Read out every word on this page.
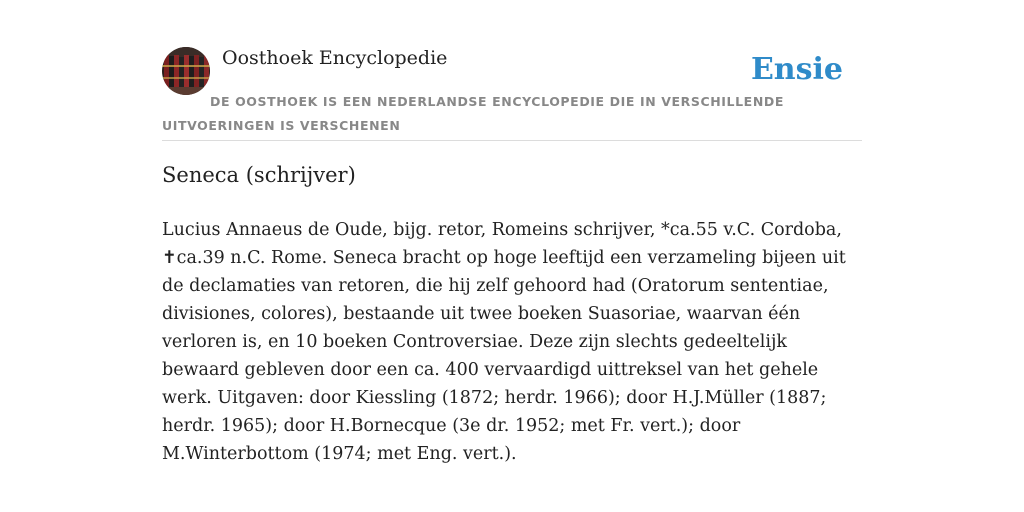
Oosthoek Encyclopedie	Ensie
DE OOSTHOEK IS EEN NEDERLANDSE ENCYCLOPEDIE DIE IN VERSCHILLENDE UITVOERINGEN IS VERSCHENEN
Seneca (schrijver)

Lucius Annaeus de Oude, bijg. retor, Romeins schrijver, *ca.55 v.C. Cordoba, ✝ca.39 n.C. Rome. Seneca bracht op hoge leeftijd een verzameling bijeen uit de declamaties van retoren, die hij zelf gehoord had (Oratorum sententiae, divisiones, colores), bestaande uit twee boeken Suasoriae, waarvan één verloren is, en 10 boeken Controversiae. Deze zijn slechts gedeeltelijk bewaard gebleven door een ca. 400 vervaardigd uittreksel van het gehele werk. Uitgaven: door Kiessling (1872; herdr. 1966); door H.J.Müller (1887; herdr. 1965); door H.Bornecque (3e dr. 1952; met Fr. vert.); door M.Winterbottom (1974; met Eng. vert.).
